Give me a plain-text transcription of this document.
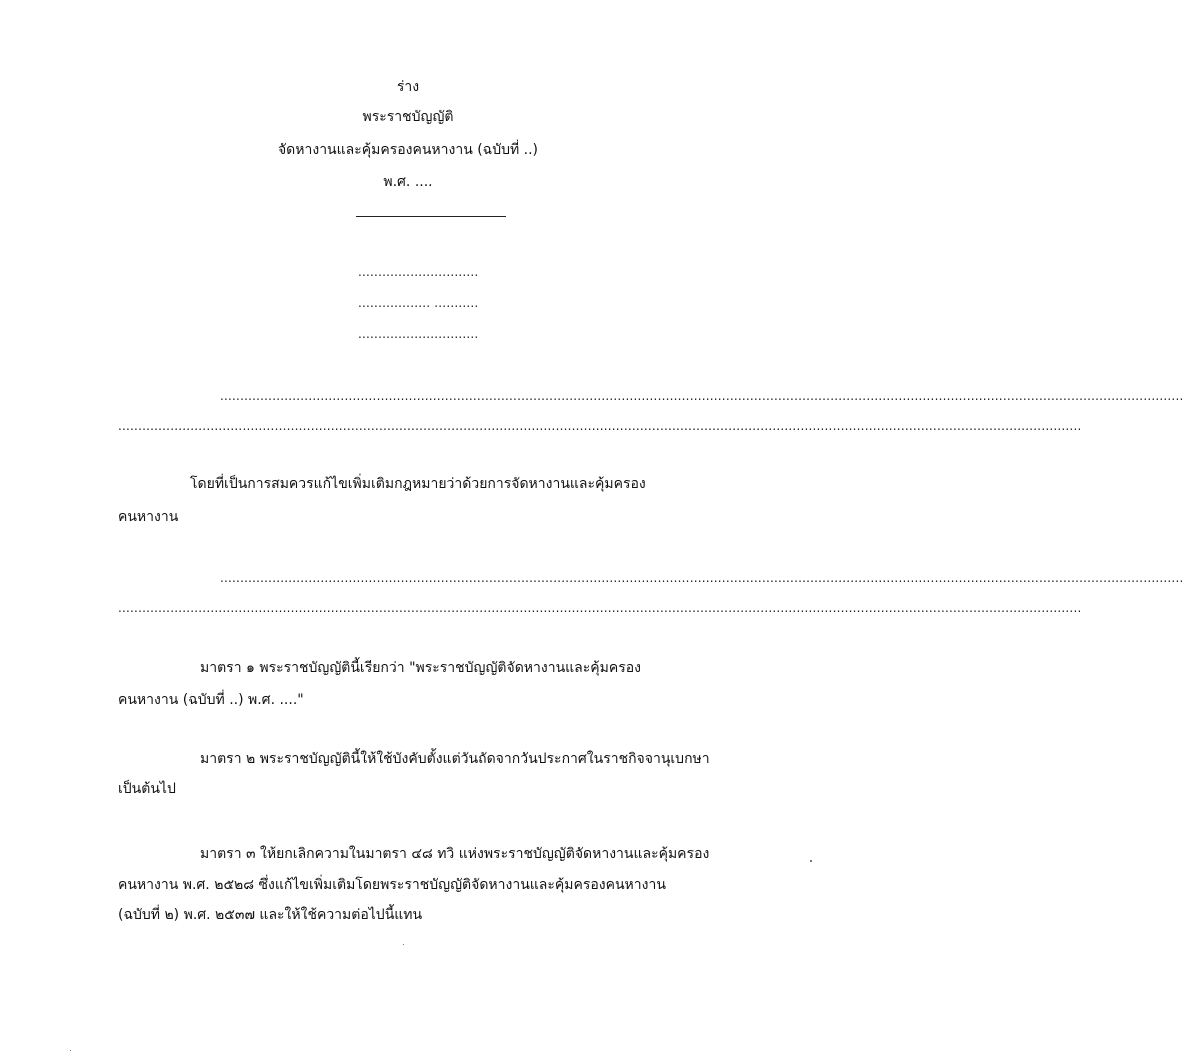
ร่าง
พระราชบัญญัติ
จัดหางานและคุ้มครองคนหางาน (ฉบับที่ ..)
พ.ศ. ....
..............................
.................. ...........
..............................
................................................................................................................................................................................................................................................
................................................................................................................................................................................................................................................
โดยที่เป็นการสมควรแก้ไขเพิ่มเติมกฎหมายว่าด้วยการจัดหางานและคุ้มครอง
คนหางาน
................................................................................................................................................................................................................................................
................................................................................................................................................................................................................................................
มาตรา ๑ พระราชบัญญัตินี้เรียกว่า "พระราชบัญญัติจัดหางานและคุ้มครอง
คนหางาน (ฉบับที่ ..) พ.ศ. ...."
มาตรา ๒ พระราชบัญญัตินี้ให้ใช้บังคับตั้งแต่วันถัดจากวันประกาศในราชกิจจานุเบกษา
เป็นต้นไป
มาตรา ๓ ให้ยกเลิกความในมาตรา ๔๘ ทวิ แห่งพระราชบัญญัติจัดหางานและคุ้มครอง
คนหางาน พ.ศ. ๒๕๒๘ ซึ่งแก้ไขเพิ่มเติมโดยพระราชบัญญัติจัดหางานและคุ้มครองคนหางาน
(ฉบับที่ ๒) พ.ศ. ๒๕๓๗ และให้ใช้ความต่อไปนี้แทน
